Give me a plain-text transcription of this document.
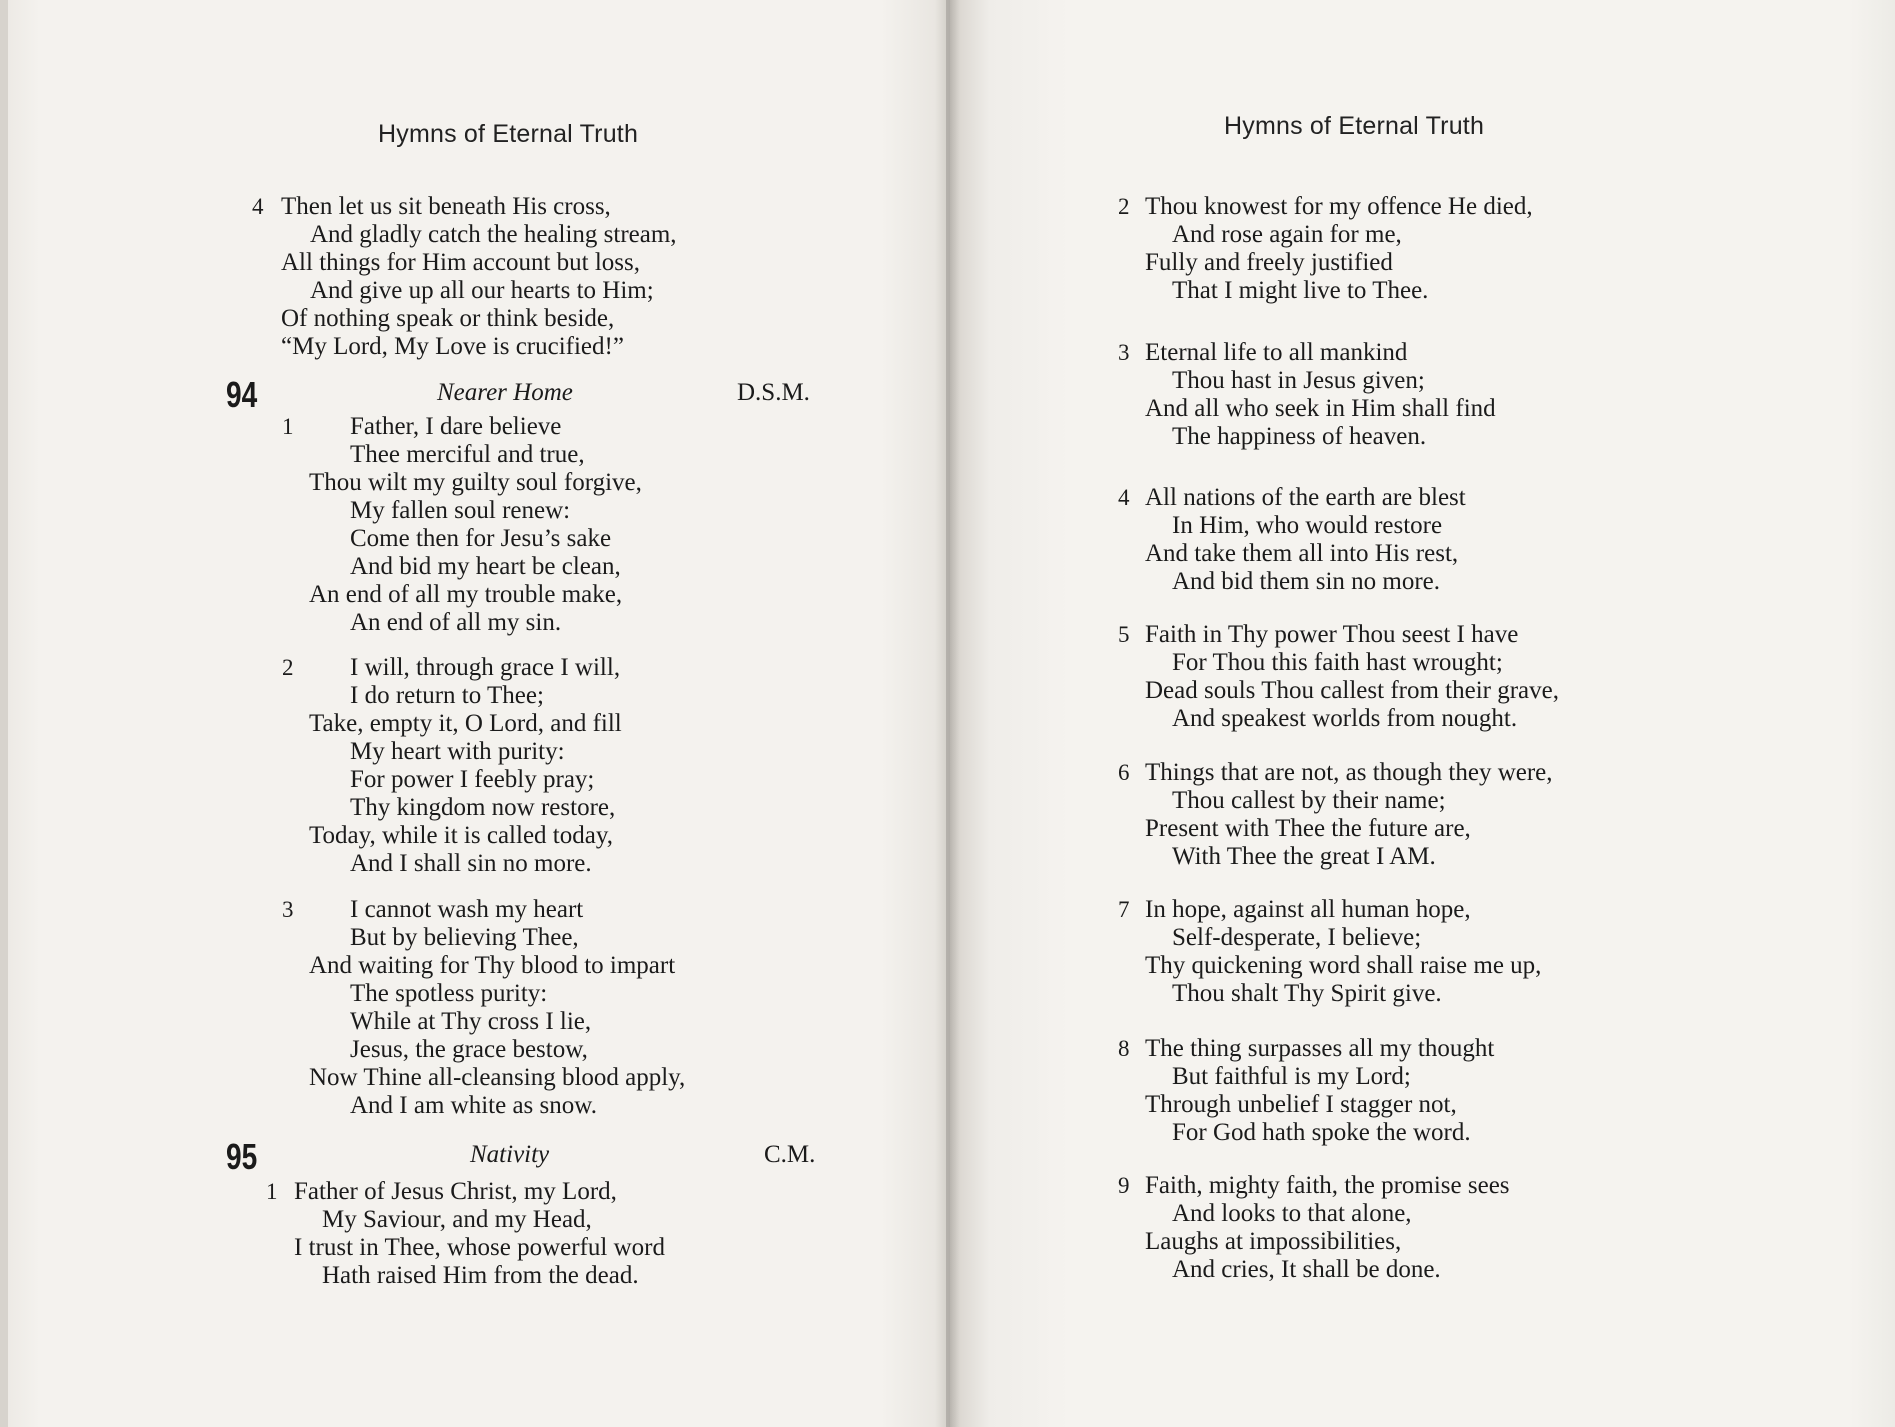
Hymns of Eternal Truth
4 Then let us sit beneath His cross,
And gladly catch the healing stream,
All things for Him account but loss,
And give up all our hearts to Him;
Of nothing speak or think beside,
“My Lord, My Love is crucified!”
94	Nearer Home	D.S.M.
1 Father, I dare believe
Thee merciful and true,
Thou wilt my guilty soul forgive,
My fallen soul renew:
Come then for Jesu’s sake
And bid my heart be clean,
An end of all my trouble make,
An end of all my sin.
2 I will, through grace I will,
I do return to Thee;
Take, empty it, O Lord, and fill
My heart with purity:
For power I feebly pray;
Thy kingdom now restore,
Today, while it is called today,
And I shall sin no more.
3 I cannot wash my heart
But by believing Thee,
And waiting for Thy blood to impart
The spotless purity:
While at Thy cross I lie,
Jesus, the grace bestow,
Now Thine all-cleansing blood apply,
And I am white as snow.
95	Nativity	C.M.
1 Father of Jesus Christ, my Lord,
My Saviour, and my Head,
I trust in Thee, whose powerful word
Hath raised Him from the dead.
Hymns of Eternal Truth
2 Thou knowest for my offence He died,
And rose again for me,
Fully and freely justified
That I might live to Thee.
3 Eternal life to all mankind
Thou hast in Jesus given;
And all who seek in Him shall find
The happiness of heaven.
4 All nations of the earth are blest
In Him, who would restore
And take them all into His rest,
And bid them sin no more.
5 Faith in Thy power Thou seest I have
For Thou this faith hast wrought;
Dead souls Thou callest from their grave,
And speakest worlds from nought.
6 Things that are not, as though they were,
Thou callest by their name;
Present with Thee the future are,
With Thee the great I AM.
7 In hope, against all human hope,
Self-desperate, I believe;
Thy quickening word shall raise me up,
Thou shalt Thy Spirit give.
8 The thing surpasses all my thought
But faithful is my Lord;
Through unbelief I stagger not,
For God hath spoke the word.
9 Faith, mighty faith, the promise sees
And looks to that alone,
Laughs at impossibilities,
And cries, It shall be done.
